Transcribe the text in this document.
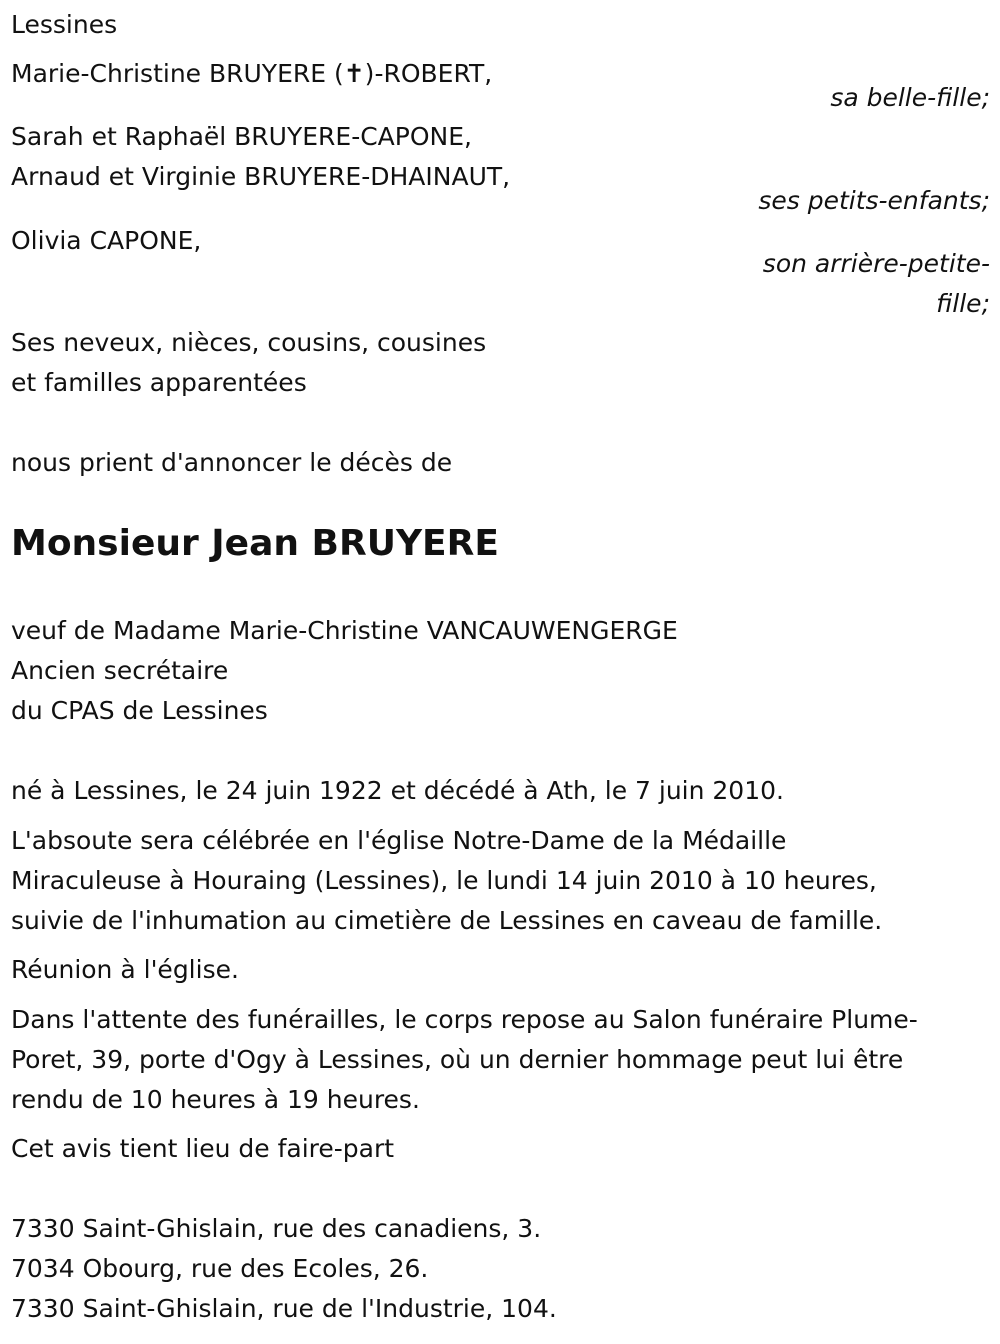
Lessines
Marie-Christine BRUYERE (✝)-ROBERT,
sa belle-fille;
Sarah et Raphaël BRUYERE-CAPONE,
Arnaud et Virginie BRUYERE-DHAINAUT,
ses petits-enfants;
Olivia CAPONE,
son arrière-petite-
fille;
Ses neveux, nièces, cousins, cousines
et familles apparentées
nous prient d'annoncer le décès de
Monsieur Jean BRUYERE
veuf de Madame Marie-Christine VANCAUWENGERGE
Ancien secrétaire
du CPAS de Lessines
né à Lessines, le 24 juin 1922 et décédé à Ath, le 7 juin 2010.
L'absoute sera célébrée en l'église Notre-Dame de la Médaille
Miraculeuse à Houraing (Lessines), le lundi 14 juin 2010 à 10 heures,
suivie de l'inhumation au cimetière de Lessines en caveau de famille.
Réunion à l'église.
Dans l'attente des funérailles, le corps repose au Salon funéraire Plume-
Poret, 39, porte d'Ogy à Lessines, où un dernier hommage peut lui être
rendu de 10 heures à 19 heures.
Cet avis tient lieu de faire-part
7330 Saint-Ghislain, rue des canadiens, 3.
7034 Obourg, rue des Ecoles, 26.
7330 Saint-Ghislain, rue de l'Industrie, 104.
